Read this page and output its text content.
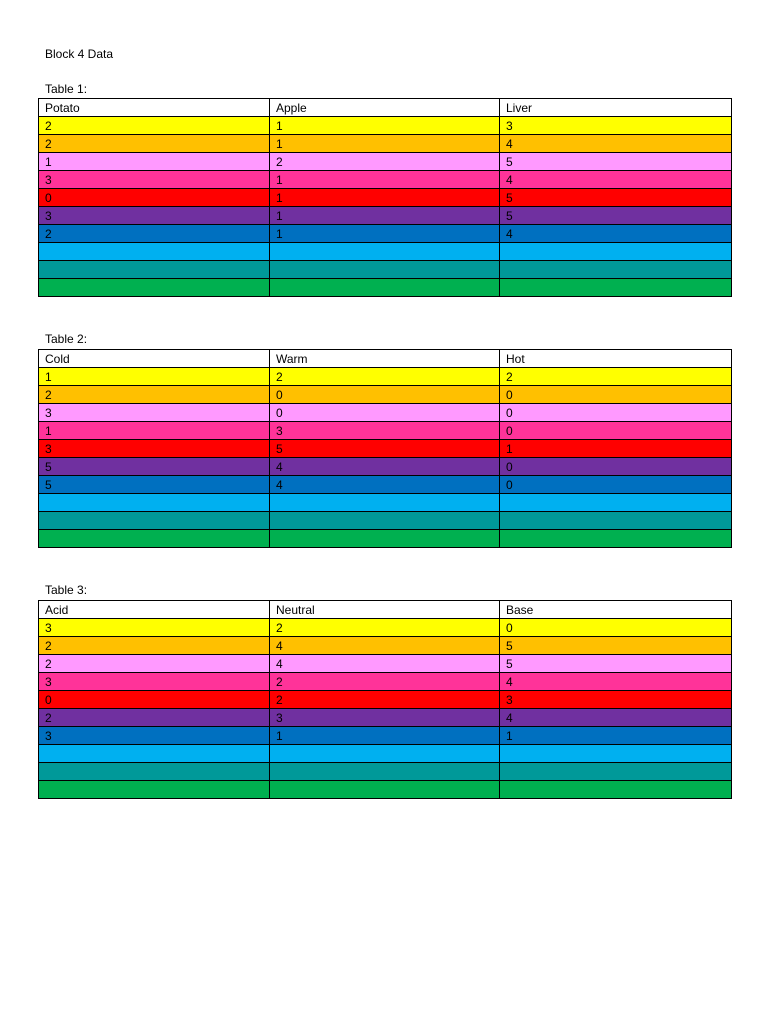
Block 4 Data
Table 1:
Potato	Apple	Liver
2	1	3
2	1	4
1	2	5
3	1	4
0	1	5
3	1	5
2	1	4

Table 2:
Cold	Warm	Hot
1	2	2
2	0	0
3	0	0
1	3	0
3	5	1
5	4	0
5	4	0

Table 3:
Acid	Neutral	Base
3	2	0
2	4	5
2	4	5
3	2	4
0	2	3
2	3	4
3	1	1
